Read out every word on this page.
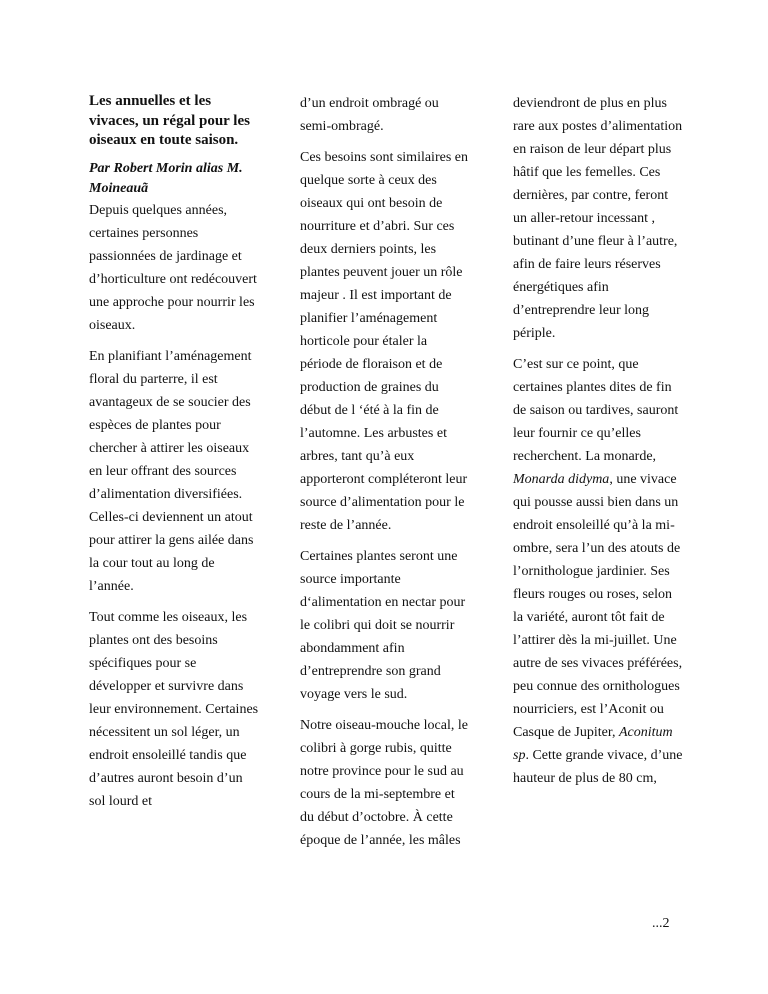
Les annuelles et les vivaces, un régal pour les oiseaux en toute saison.
Par Robert Morin alias M. Moineauã

Depuis quelques années, certaines personnes passionnées de jardinage et d’horticulture ont redécouvert une approche pour nourrir les oiseaux.

En planifiant l’aménagement floral du parterre, il est avantageux de se soucier des espèces de plantes pour chercher à attirer les oiseaux en leur offrant des sources d’alimentation diversifiées. Celles-ci deviennent un atout pour attirer la gens ailée dans la cour tout au long de l’année.

Tout comme les oiseaux, les plantes ont des besoins spécifiques pour se développer et survivre dans leur environnement. Certaines nécessitent un sol léger, un endroit ensoleillé tandis que d’autres auront besoin d’un sol lourd et

d’un endroit ombragé ou semi-ombragé.

Ces besoins sont similaires en quelque sorte à ceux des oiseaux qui ont besoin de nourriture et d’abri. Sur ces deux derniers points, les plantes peuvent jouer un rôle majeur . Il est important de planifier l’aménagement horticole pour étaler la période de floraison et de production de graines du début de l ‘été à la fin de l’automne. Les arbustes et arbres, tant qu’à eux apporteront compléteront leur source d’alimentation pour le reste de l’année.

Certaines plantes seront une source importante d‘alimentation en nectar pour le colibri qui doit se nourrir abondamment afin d’entreprendre son grand voyage vers le sud.

Notre oiseau-mouche local, le colibri à gorge rubis, quitte notre province pour le sud au cours de la mi-septembre et du début d’octobre. À cette époque de l’année, les mâles

deviendront de plus en plus rare aux postes d’alimentation en raison de leur départ plus hâtif que les femelles. Ces dernières, par contre, feront un aller-retour incessant , butinant d’une fleur à l’autre, afin de faire leurs réserves énergétiques afin d’entreprendre leur long périple.

C’est sur ce point, que certaines plantes dites de fin de saison ou tardives, sauront leur fournir ce qu’elles recherchent. La monarde, Monarda didyma, une vivace qui pousse aussi bien dans un endroit ensoleillé qu’à la mi-ombre, sera l’un des atouts de l’ornithologue jardinier. Ses fleurs rouges ou roses, selon la variété, auront tôt fait de l’attirer dès la mi-juillet. Une autre de ses vivaces préférées, peu connue des ornithologues nourriciers, est l’Aconit ou Casque de Jupiter, Aconitum sp. Cette grande vivace, d’une hauteur de plus de 80 cm,

...2
